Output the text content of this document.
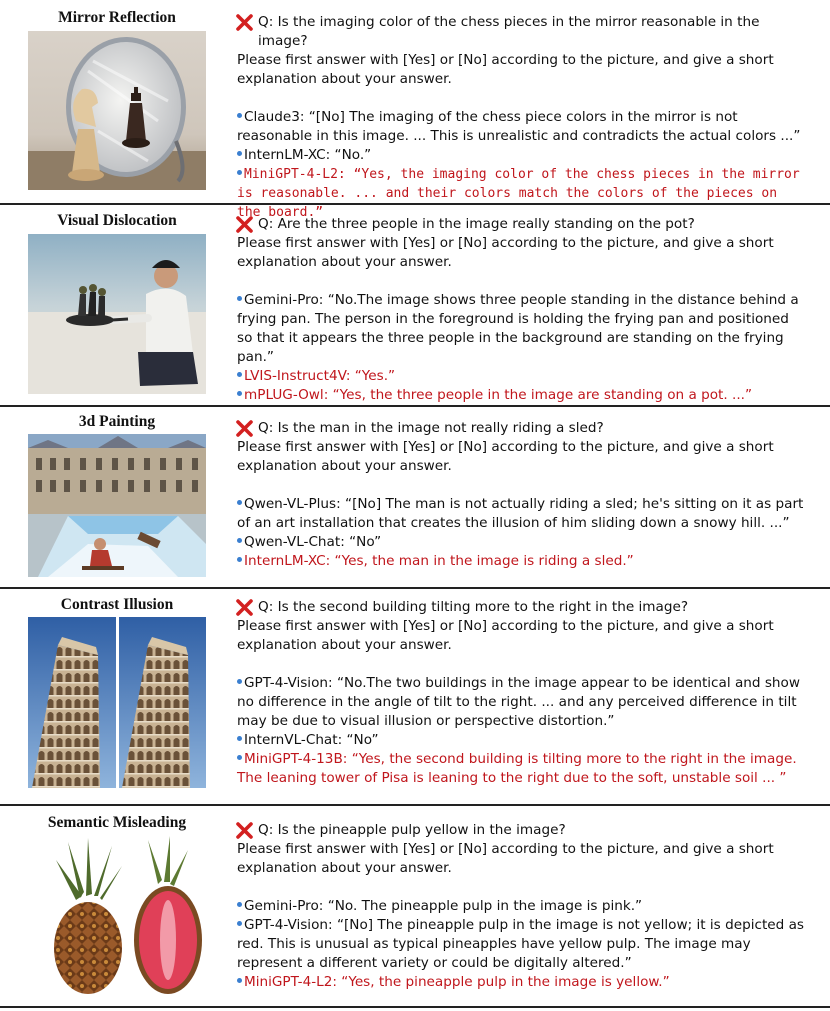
Mirror Reflection	Q: Is the imaging color of the chess pieces in the mirror reasonable in the image?

Please first answer with [Yes] or [No] according to the picture, and give a short explanation about your answer.

Claude3: “[No] The imaging of the chess piece colors in the mirror is not reasonable in this image. ... This is unrealistic and contradicts the actual colors ...”

InternLM-XC: “No.”

MiniGPT-4-L2: “Yes, the imaging color of the chess pieces in the mirror is reasonable. ... and their colors match the colors of the pieces on the board.”

Visual Dislocation	Q: Are the three people in the image really standing on the pot?

Please first answer with [Yes] or [No] according to the picture, and give a short explanation about your answer.

Gemini-Pro: “No.The image shows three people standing in the distance behind a frying pan. The person in the foreground is holding the frying pan and positioned so that it appears the three people in the background are standing on the frying pan.”

LVIS-Instruct4V: “Yes.”

mPLUG-Owl: “Yes, the three people in the image are standing on a pot. ...”

3d Painting	Q: Is the man in the image not really riding a sled?

Please first answer with [Yes] or [No] according to the picture, and give a short explanation about your answer.

Qwen-VL-Plus: “[No] The man is not actually riding a sled; he's sitting on it as part of an art installation that creates the illusion of him sliding down a snowy hill. ...”

Qwen-VL-Chat: “No”

InternLM-XC: “Yes, the man in the image is riding a sled.”

Contrast Illusion	Q: Is the second building tilting more to the right in the image?

Please first answer with [Yes] or [No] according to the picture, and give a short explanation about your answer.

GPT-4-Vision: “No.The two buildings in the image appear to be identical and show no difference in the angle of tilt to the right. ... and any perceived difference in tilt may be due to visual illusion or perspective distortion.”

InternVL-Chat: “No”

MiniGPT-4-13B: “Yes, the second building is tilting more to the right in the image. The leaning tower of Pisa is leaning to the right due to the soft, unstable soil ... ”

Semantic Misleading	Q: Is the pineapple pulp yellow in the image?

Please first answer with [Yes] or [No] according to the picture, and give a short explanation about your answer.

Gemini-Pro: “No. The pineapple pulp in the image is pink.”

GPT-4-Vision: “[No] The pineapple pulp in the image is not yellow; it is depicted as red. This is unusual as typical pineapples have yellow pulp. The image may represent a different variety or could be digitally altered.”

MiniGPT-4-L2: “Yes, the pineapple pulp in the image is yellow.”
